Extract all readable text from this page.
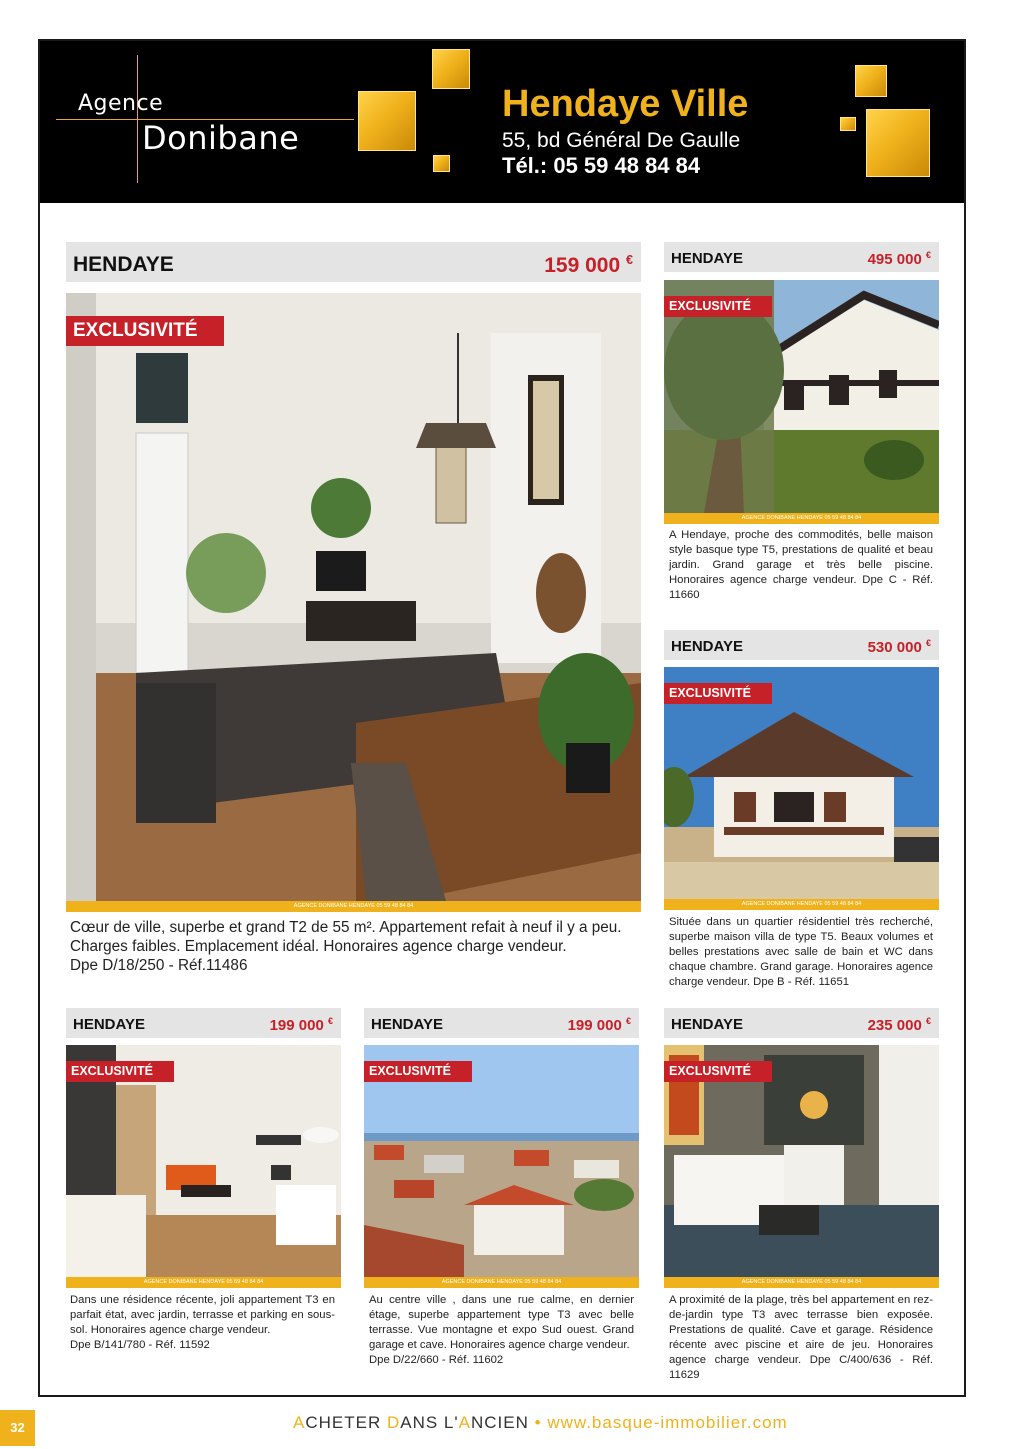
Agence
Donibane
Hendaye Ville
55, bd Général De Gaulle
Tél.: 05 59 48 84 84
HENDAYE	159 000 €
EXCLUSIVITÉ
AGENCE DONIBANE HENDAYE 05 59 48 84 84
Cœur de ville, superbe et grand T2 de 55 m². Appartement refait à neuf il y a peu. Charges faibles. Emplacement idéal. Honoraires agence charge vendeur.
Dpe D/18/250 - Réf.11486
HENDAYE	495 000 €
EXCLUSIVITÉ
AGENCE DONIBANE HENDAYE 05 59 48 84 84
A Hendaye, proche des commodités, belle maison style basque type T5, prestations de qualité et beau jardin. Grand garage et très belle piscine. Honoraires agence charge vendeur. Dpe C - Réf. 11660
HENDAYE	530 000 €
EXCLUSIVITÉ
AGENCE DONIBANE HENDAYE 05 59 48 84 84
Située dans un quartier résidentiel très recherché, superbe maison villa de type T5. Beaux volumes et belles prestations avec salle de bain et WC dans chaque chambre. Grand garage. Honoraires agence charge vendeur. Dpe B - Réf. 11651
HENDAYE	199 000 €
EXCLUSIVITÉ
AGENCE DONIBANE HENDAYE 05 59 48 84 84
Dans une résidence récente, joli appartement T3 en parfait état, avec jardin, terrasse et parking en sous-sol. Honoraires agence charge vendeur.
Dpe B/141/780 - Réf. 11592
HENDAYE	199 000 €
EXCLUSIVITÉ
AGENCE DONIBANE HENDAYE 05 59 48 84 84
Au centre ville , dans une rue calme, en dernier étage, superbe appartement type T3 avec belle terrasse. Vue montagne et expo Sud ouest. Grand garage et cave. Honoraires agence charge vendeur.
Dpe D/22/660 - Réf. 11602
HENDAYE	235 000 €
EXCLUSIVITÉ
AGENCE DONIBANE HENDAYE 05 59 48 84 84
A proximité de la plage, très bel appartement en rez-de-jardin type T3 avec terrasse bien exposée. Prestations de qualité. Cave et garage. Résidence récente avec piscine et aire de jeu. Honoraires agence charge vendeur. Dpe C/400/636 - Réf. 11629
32	ACHETER DANS L'ANCIEN • www.basque-immobilier.com
